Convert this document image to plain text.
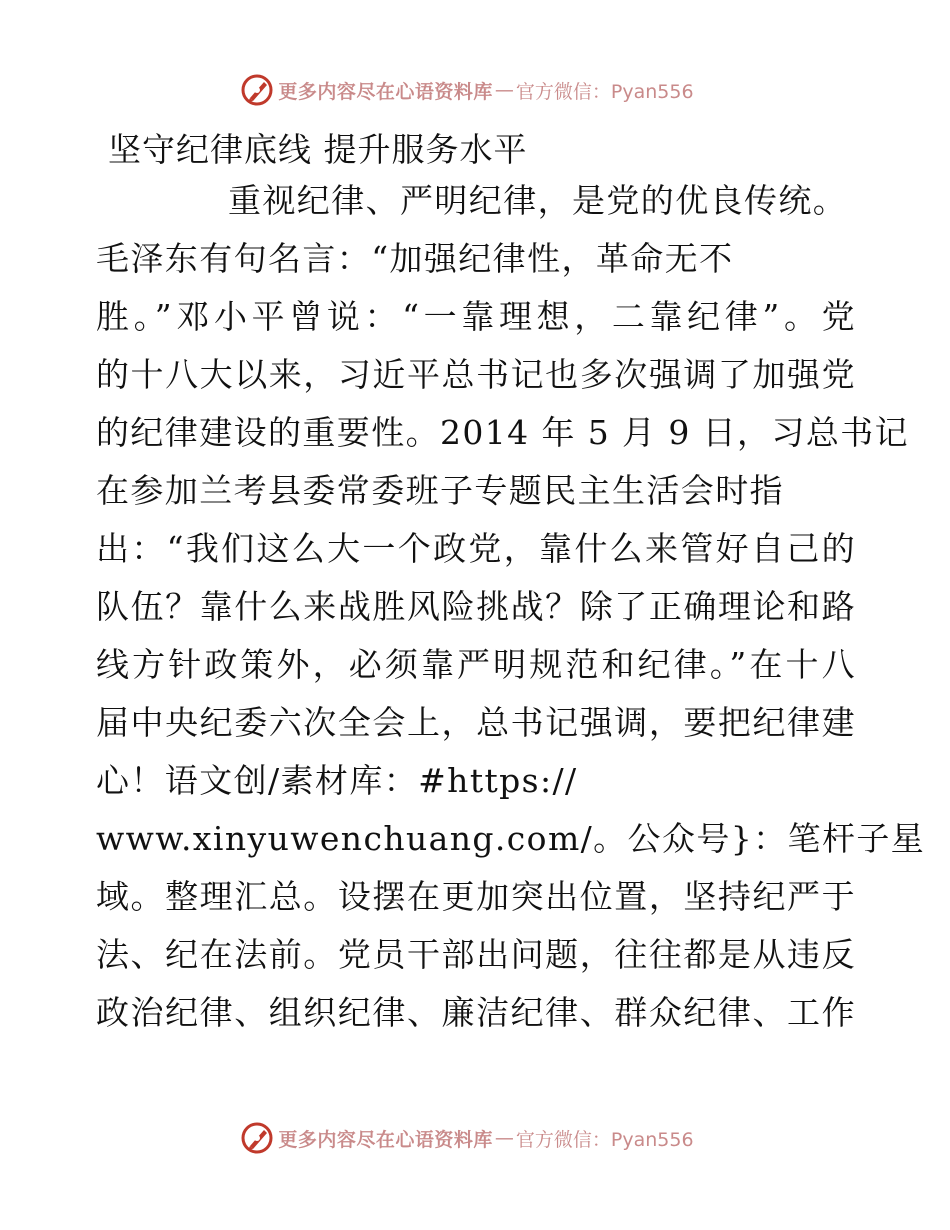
更多内容尽在心语资料库 — 官方微信：Pyan556
坚守纪律底线 提升服务水平
重视纪律、严明纪律，是党的优良传统。
毛泽东有句名言：“加强纪律性，革命无不
胜。”邓小平曾说：“一靠理想，二靠纪律”。党
的十八大以来，习近平总书记也多次强调了加强党
的纪律建设的重要性。2014 年 5 月 9 日，习总书记
在参加兰考县委常委班子专题民主生活会时指
出：“我们这么大一个政党，靠什么来管好自己的
队伍？靠什么来战胜风险挑战？除了正确理论和路
线方针政策外，必须靠严明规范和纪律。”在十八
届中央纪委六次全会上，总书记强调，要把纪律建
心！语文创/素材库：#https://
www.xinyuwenchuang.com/。公众号}：笔杆子星
域。整理汇总。设摆在更加突出位置，坚持纪严于
法、纪在法前。党员干部出问题，往往都是从违反
政治纪律、组织纪律、廉洁纪律、群众纪律、工作
更多内容尽在心语资料库 — 官方微信：Pyan556
